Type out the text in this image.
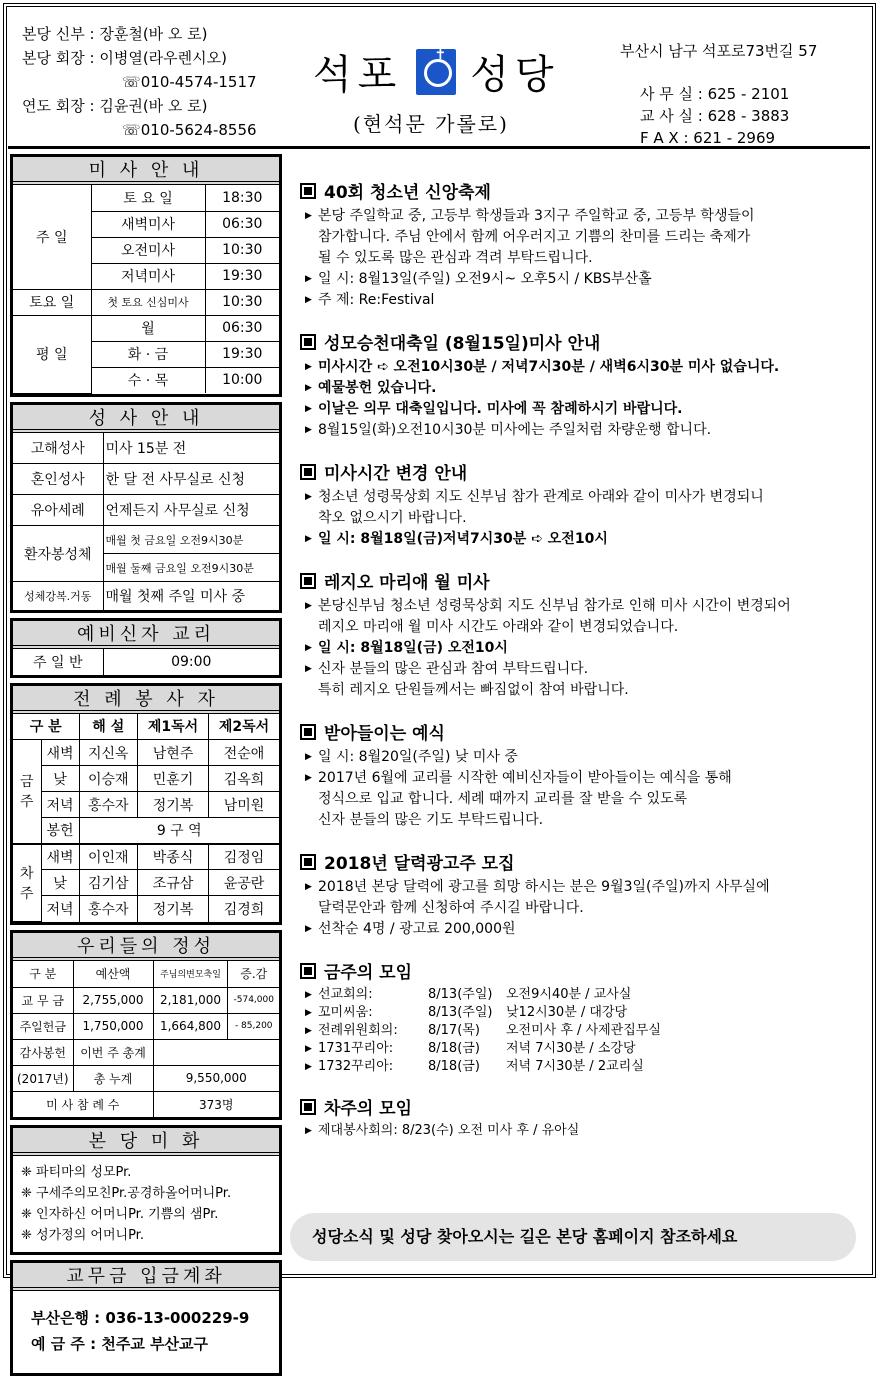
본당 신부 : 장훈철(바 오 로)
본당 회장 : 이병열(라우렌시오)
☏010-4574-1517
연도 회장 : 김윤권(바 오 로)
☏010-5624-8556
석포 ✝ 성당
(현석문 가롤로)
부산시 남구 석포로73번길 57
사 무 실 : 625 - 2101
교 사 실 : 628 - 3883
F A X : 621 - 2969
미 사 안 내
주 일	토 요 일	18:30
	새벽미사	06:30
	오전미사	10:30
	저녁미사	19:30
토요 일	첫 토요 신심미사	10:30
평 일	월	06:30
	화 · 금	19:30
	수 · 목	10:00
성 사 안 내
고해성사	미사 15분 전
혼인성사	한 달 전 사무실로 신청
유아세례	언제든지 사무실로 신청
환자봉성체	매월 첫 금요일 오전9시30분
	매월 둘째 금요일 오전9시30분
성체강복.거동	매월 첫째 주일 미사 중
예비신자 교리
주 일 반	09:00
전 례 봉 사 자
구 분		해 설	제1독서	제2독서
금주	새벽	지신옥	남현주	전순애
	낮	이승재	민훈기	김옥희
	저녁	홍수자	정기복	남미원
	봉헌	9 구 역		
차주	새벽	이인재	박종식	김정임
	낮	김기삼	조규삼	윤공란
	저녁	홍수자	정기복	김경희
우리들의 정성
구 분	예산액	주님의변모축일	증.감
교 무 금	2,755,000	2,181,000	-574,000
주일헌금	1,750,000	1,664,800	- 85,200
감사봉헌	이번 주 총계		
(2017년)	총 누계	9,550,000	
미 사 참 례 수		373명	
본 당 미 화
❈ 파티마의 성모Pr.
❈ 구세주의모친Pr.공경하올어머니Pr.
❈ 인자하신 어머니Pr. 기쁨의 샘Pr.
❈ 성가정의 어머니Pr.
교무금 입금계좌
부산은행 : 036-13-000229-9
예 금 주 : 천주교 부산교구
40회 청소년 신앙축제
▶ 본당 주일학교 중, 고등부 학생들과 3지구 주일학교 중, 고등부 학생들이
참가합니다. 주님 안에서 함께 어우러지고 기쁨의 찬미를 드리는 축제가
될 수 있도록 많은 관심과 격려 부탁드립니다.
▶ 일 시: 8월13일(주일) 오전9시~ 오후5시 / KBS부산홀
▶ 주 제: Re:Festival
성모승천대축일 (8월15일)미사 안내
▶ 미사시간 ➪ 오전10시30분 / 저녁7시30분 / 새벽6시30분 미사 없습니다.
▶ 예물봉헌 있습니다.
▶ 이날은 의무 대축일입니다. 미사에 꼭 참례하시기 바랍니다.
▶ 8월15일(화)오전10시30분 미사에는 주일처럼 차량운행 합니다.
미사시간 변경 안내
▶ 청소년 성령묵상회 지도 신부님 참가 관계로 아래와 같이 미사가 변경되니
착오 없으시기 바랍니다.
▶ 일 시: 8월18일(금)저녁7시30분 ➪ 오전10시
레지오 마리애 월 미사
▶ 본당신부님 청소년 성령묵상회 지도 신부님 참가로 인해 미사 시간이 변경되어
레지오 마리애 월 미사 시간도 아래와 같이 변경되었습니다.
▶ 일 시: 8월18일(금) 오전10시
▶ 신자 분들의 많은 관심과 참여 부탁드립니다.
특히 레지오 단원들께서는 빠짐없이 참여 바랍니다.
받아들이는 예식
▶ 일 시: 8월20일(주일) 낮 미사 중
▶ 2017년 6월에 교리를 시작한 예비신자들이 받아들이는 예식을 통해
정식으로 입교 합니다. 세례 때까지 교리를 잘 받을 수 있도록
신자 분들의 많은 기도 부탁드립니다.
2018년 달력광고주 모집
▶ 2018년 본당 달력에 광고를 희망 하시는 분은 9월3일(주일)까지 사무실에
달력문안과 함께 신청하여 주시길 바랍니다.
▶ 선착순 4명 / 광고료 200,000원
금주의 모임
▶ 선교회의:	8/13(주일)	오전9시40분 / 교사실
▶ 꼬미씨움:	8/13(주일)	낮12시30분 / 대강당
▶ 전례위원회의:	8/17(목)	오전미사 후 / 사제관집무실
▶ 1731꾸리아:	8/18(금)	저녁 7시30분 / 소강당
▶ 1732꾸리아:	8/18(금)	저녁 7시30분 / 2교리실
차주의 모임
▶ 제대봉사회의: 8/23(수) 오전 미사 후 / 유아실
성당소식 및 성당 찾아오시는 길은 본당 홈페이지 참조하세요
